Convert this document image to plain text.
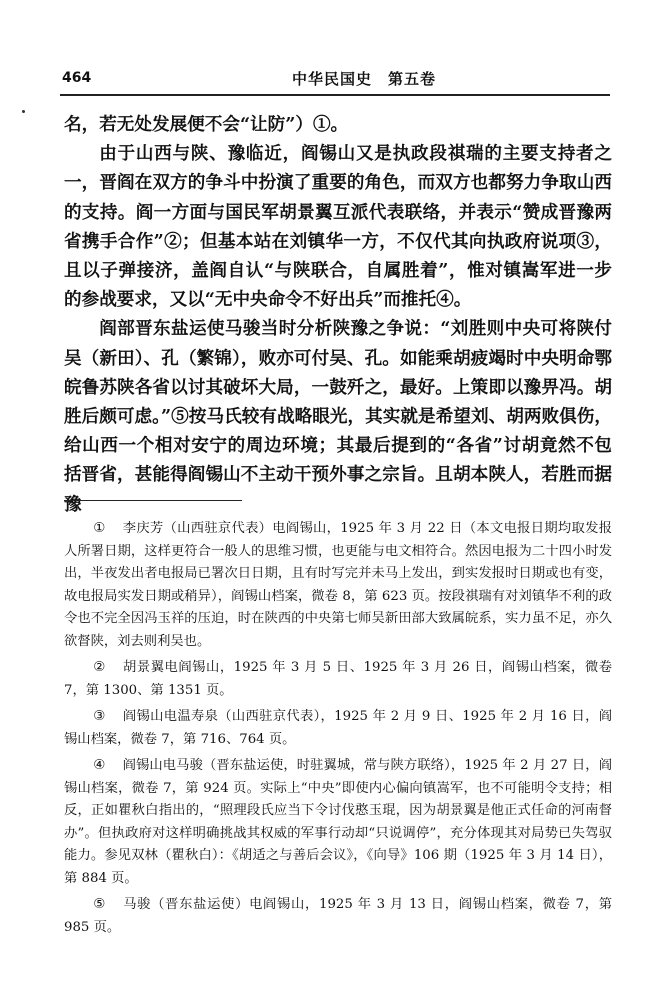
464	中华民国史　第五卷

名，若无处发展便不会“让防”）①。

由于山西与陕、豫临近，阎锡山又是执政段祺瑞的主要支持者之一，晋阎在双方的争斗中扮演了重要的角色，而双方也都努力争取山西的支持。阎一方面与国民军胡景翼互派代表联络，并表示“赞成晋豫两省携手合作”②；但基本站在刘镇华一方，不仅代其向执政府说项③，且以子弹接济，盖阎自认“与陕联合，自属胜着”，惟对镇嵩军进一步的参战要求，又以“无中央命令不好出兵”而推托④。

阎部晋东盐运使马骏当时分析陕豫之争说：“刘胜则中央可将陕付吴（新田）、孔（繁锦），败亦可付吴、孔。如能乘胡疲竭时中央明命鄂皖鲁苏陕各省以讨其破坏大局，一鼓歼之，最好。上策即以豫畀冯。胡胜后颇可虑。”⑤按马氏较有战略眼光，其实就是希望刘、胡两败俱伤，给山西一个相对安宁的周边环境；其最后提到的“各省”讨胡竟然不包括晋省，甚能得阎锡山不主动干预外事之宗旨。且胡本陕人，若胜而据豫

① 李庆芳（山西驻京代表）电阎锡山，1925 年 3 月 22 日（本文电报日期均取发报人所署日期，这样更符合一般人的思维习惯，也更能与电文相符合。然因电报为二十四小时发出，半夜发出者电报局已署次日日期，且有时写完并未马上发出，到实发报时日期或也有变，故电报局实发日期或稍异），阎锡山档案，微卷 8，第 623 页。按段祺瑞有对刘镇华不利的政令也不完全因冯玉祥的压迫，时在陕西的中央第七师吴新田部大致属皖系，实力虽不足，亦久欲督陕，刘去则利吴也。

② 胡景翼电阎锡山，1925 年 3 月 5 日、1925 年 3 月 26 日，阎锡山档案，微卷 7，第 1300、第 1351 页。

③ 阎锡山电温寿泉（山西驻京代表），1925 年 2 月 9 日、1925 年 2 月 16 日，阎锡山档案，微卷 7，第 716、764 页。

④ 阎锡山电马骏（晋东盐运使，时驻翼城，常与陕方联络），1925 年 2 月 27 日，阎锡山档案，微卷 7，第 924 页。实际上“中央”即使内心偏向镇嵩军，也不可能明令支持；相反，正如瞿秋白指出的，“照理段氏应当下令讨伐憨玉琨，因为胡景翼是他正式任命的河南督办”。但执政府对这样明确挑战其权威的军事行动却“只说调停”，充分体现其对局势已失驾驭能力。参见双林（瞿秋白）：《胡适之与善后会议》，《向导》106 期（1925 年 3 月 14 日），第 884 页。

⑤ 马骏（晋东盐运使）电阎锡山，1925 年 3 月 13 日，阎锡山档案，微卷 7，第 985 页。
